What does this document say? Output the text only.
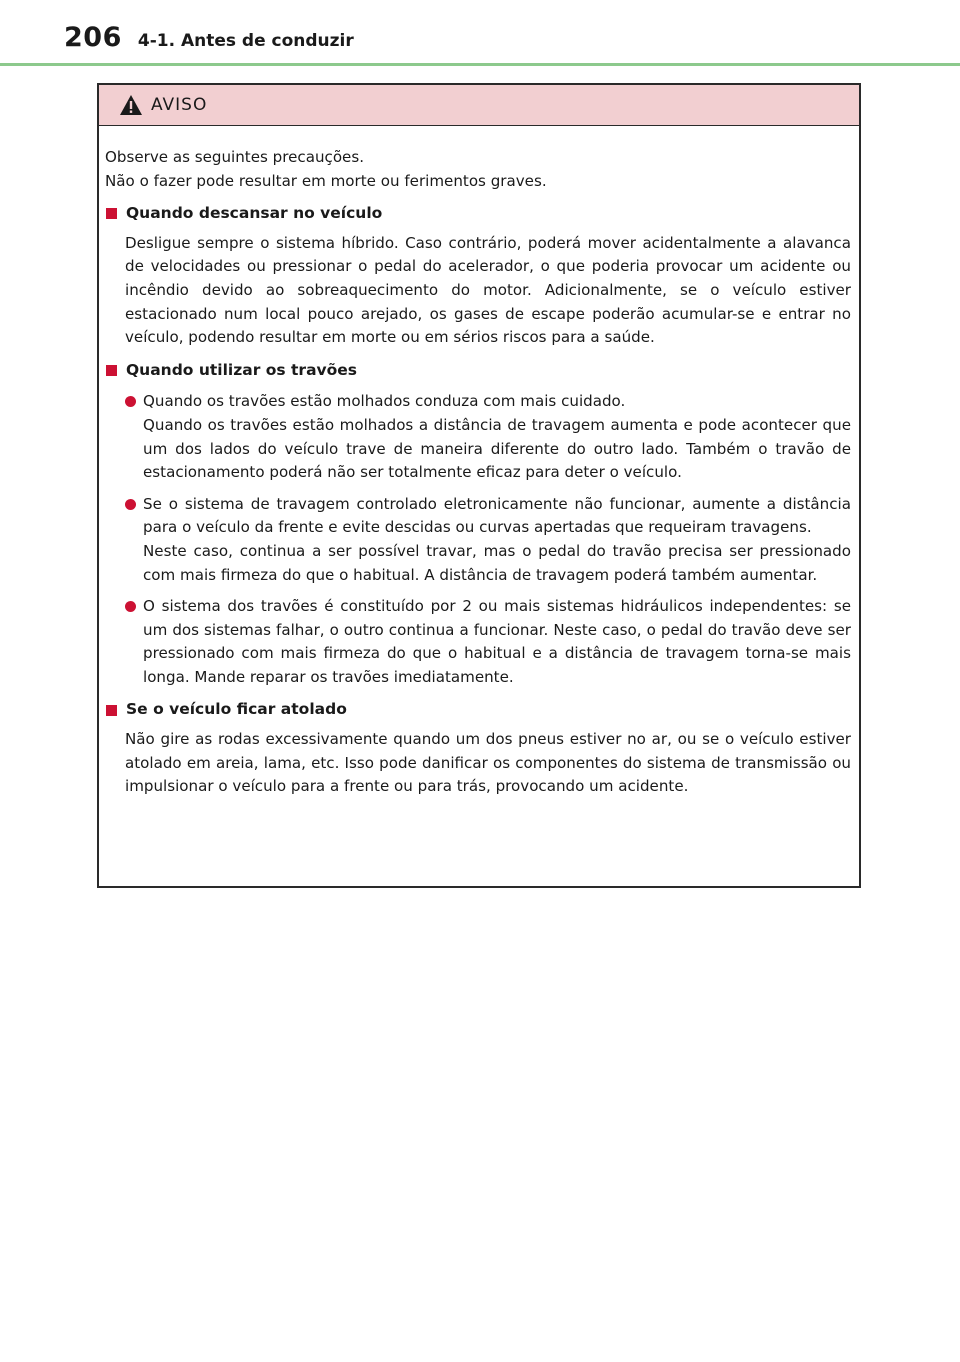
206 4-1. Antes de conduzir
AVISO

Observe as seguintes precauções.

Não o fazer pode resultar em morte ou ferimentos graves.

Quando descansar no veículo

Desligue sempre o sistema híbrido. Caso contrário, poderá mover acidentalmente a alavanca de velocidades ou pressionar o pedal do acelerador, o que poderia provocar um acidente ou incêndio devido ao sobreaquecimento do motor. Adicionalmente, se o veículo estiver estacionado num local pouco arejado, os gases de escape poderão acumular-se e entrar no veículo, podendo resultar em morte ou em sérios riscos para a saúde.

Quando utilizar os travões

Quando os travões estão molhados conduza com mais cuidado.

Quando os travões estão molhados a distância de travagem aumenta e pode acontecer que um dos lados do veículo trave de maneira diferente do outro lado. Também o travão de estacionamento poderá não ser totalmente eficaz para deter o veículo.

Se o sistema de travagem controlado eletronicamente não funcionar, aumente a distância para o veículo da frente e evite descidas ou curvas apertadas que requeiram travagens.

Neste caso, continua a ser possível travar, mas o pedal do travão precisa ser pressionado com mais firmeza do que o habitual. A distância de travagem poderá também aumentar.

O sistema dos travões é constituído por 2 ou mais sistemas hidráulicos independentes: se um dos sistemas falhar, o outro continua a funcionar. Neste caso, o pedal do travão deve ser pressionado com mais firmeza do que o habitual e a distância de travagem torna-se mais longa. Mande reparar os travões imediatamente.

Se o veículo ficar atolado

Não gire as rodas excessivamente quando um dos pneus estiver no ar, ou se o veículo estiver atolado em areia, lama, etc. Isso pode danificar os componentes do sistema de transmissão ou impulsionar o veículo para a frente ou para trás, provocando um acidente.
